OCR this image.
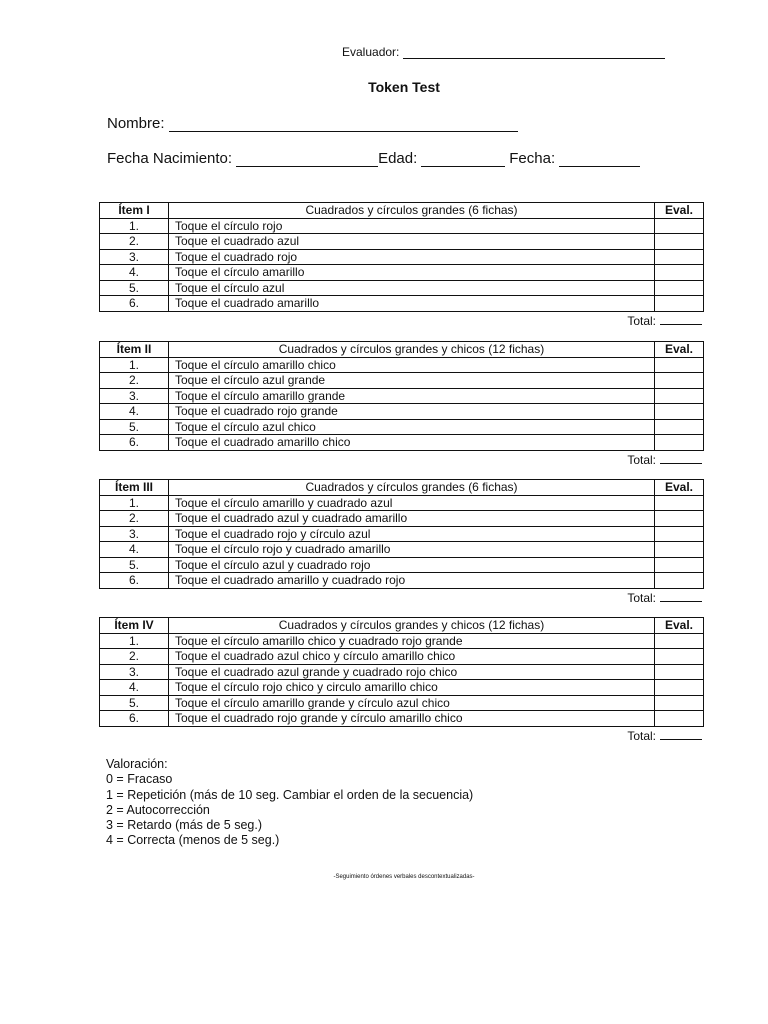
Evaluador:
Token Test
Nombre:
Fecha Nacimiento:	Edad:	Fecha:
Ítem I	Cuadrados y círculos grandes (6 fichas)	Eval.
1.	Toque el círculo rojo	
2.	Toque el cuadrado azul	
3.	Toque el cuadrado rojo	
4.	Toque el círculo amarillo	
5.	Toque el círculo azul	
6.	Toque el cuadrado amarillo	
Total:
Ítem II	Cuadrados y círculos grandes y chicos (12 fichas)	Eval.
1.	Toque el círculo amarillo chico	
2.	Toque el círculo azul grande	
3.	Toque el círculo amarillo grande	
4.	Toque el cuadrado rojo grande	
5.	Toque el círculo azul chico	
6.	Toque el cuadrado amarillo chico	
Total:
Ítem III	Cuadrados y círculos grandes (6 fichas)	Eval.
1.	Toque el círculo amarillo y cuadrado azul	
2.	Toque el cuadrado azul y cuadrado amarillo	
3.	Toque el cuadrado rojo y círculo azul	
4.	Toque el círculo rojo y cuadrado amarillo	
5.	Toque el círculo azul y cuadrado rojo	
6.	Toque el cuadrado amarillo y cuadrado rojo	
Total:
Ítem IV	Cuadrados y círculos grandes y chicos (12 fichas)	Eval.
1.	Toque el círculo amarillo chico y cuadrado rojo grande	
2.	Toque el cuadrado azul chico y círculo amarillo chico	
3.	Toque el cuadrado azul grande y cuadrado rojo chico	
4.	Toque el círculo rojo chico y circulo amarillo chico	
5.	Toque el círculo amarillo grande y círculo azul chico	
6.	Toque el cuadrado rojo grande y círculo amarillo chico	
Total:
Valoración:
0 = Fracaso
1 = Repetición (más de 10 seg. Cambiar el orden de la secuencia)
2 = Autocorrección
3 = Retardo (más de 5 seg.)
4 = Correcta (menos de 5 seg.)
-Seguimiento órdenes verbales descontextualizadas-
